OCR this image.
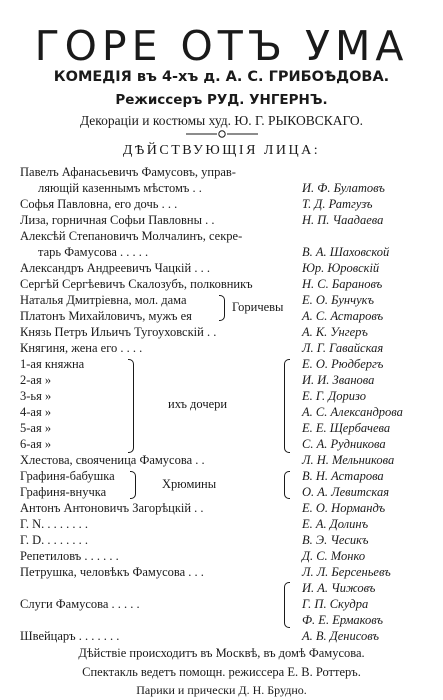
ГОРЕ ОТЪ УМА
КОМЕДIЯ въ 4-хъ д. А. С. ГРИБОѢДОВА.
Режиссеръ РУД. УНГЕРНЪ.
Декорацiи и костюмы худ. Ю. Г. РЫКОВСКАГО.
ДѢЙСТВУЮЩIЯ ЛИЦА:
Павелъ Афанасьевичъ Фамусовъ, управ-
ляющiй казеннымъ мѣстомъ . .	И. Ф. Булатовъ
Софья Павловна, его дочь . . .	Т. Д. Ратгузъ
Лиза, горничная Софьи Павловны . .	Н. П. Чаадаева
Алексѣй Степановичъ Молчалинъ, секре-
тарь Фамусова . . . . .	В. А. Шаховской
Александръ Андреевичъ Чацкiй . . .	Юр. Юровскiй
Сергѣй Сергѣевичъ Скалозубъ, полковникъ	Н. С. Барановъ
Наталья Дмитрiевна, мол. дама	Е. О. Бунчукъ
Платонъ Михайловичъ, мужъ ея	А. С. Астаровъ
Горичевы
Князь Петръ Ильичъ Тугоуховскiй . .	А. К. Унгеръ
Княгиня, жена его . . . .	Л. Г. Гавайская
1-ая княжна	Е. О. Рюдбергъ
2-ая »	И. И. Званова
3-ья »	Е. Г. Доризо
4-ая »	А. С. Александрова
5-ая »	Е. Е. Щербачева
6-ая »	С. А. Рудникова
ихъ дочери
Хлестова, свояченица Фамусова . .	Л. Н. Мельникова
Графиня-бабушка	В. Н. Астарова
Графиня-внучка	О. А. Левитская
Хрюмины
Антонъ Антоновичъ Загорѣцкiй . .	Е. О. Нормандъ
Г. N. . . . . . . .	Е. А. Долинъ
Г. D. . . . . . . .	В. Э. Чесикъ
Репетиловъ . . . . . .	Д. С. Монко
Петрушка, человѣкъ Фамусова . . .	Л. Л. Берсеньевъ
И. А. Чижовъ
Слуги Фамусова . . . . .	Г. П. Скудра
Ф. Е. Ермаковъ
Швейцаръ . . . . . . .	А. В. Денисовъ
Дѣйствiе происходитъ въ Москвѣ, въ домѣ Фамусова.
Спектакль ведетъ помощн. режиссера Е. В. Роттеръ.
Парики и прически Д. Н. Брудно.
